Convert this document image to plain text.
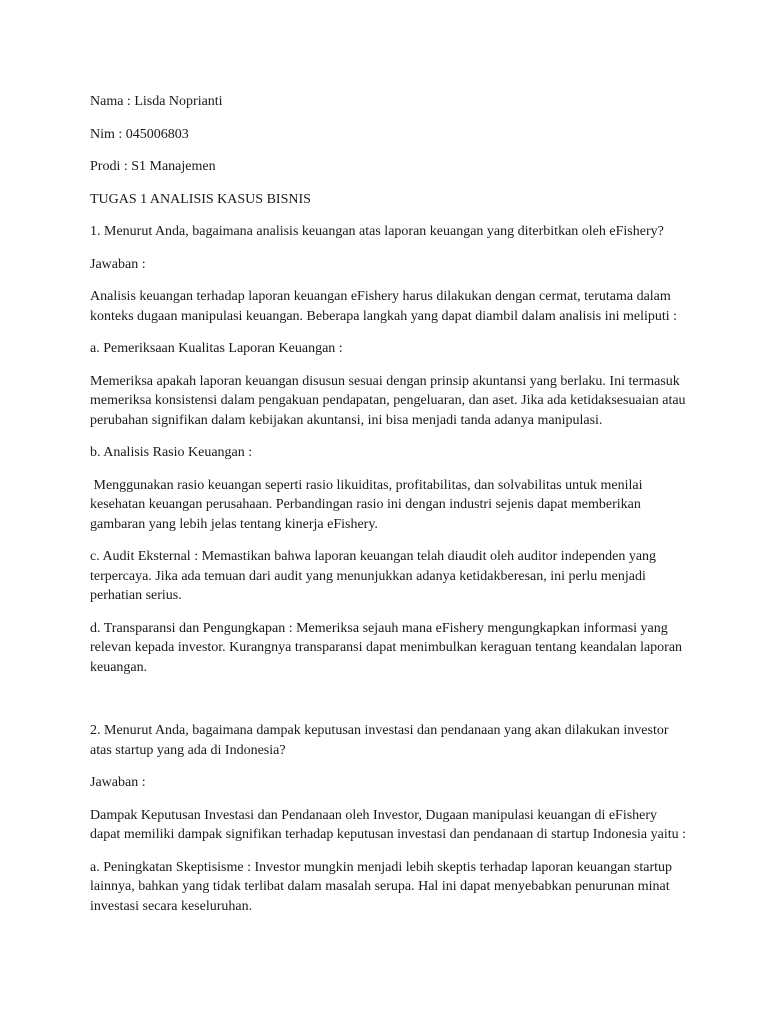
Nama : Lisda Noprianti

Nim : 045006803

Prodi : S1 Manajemen

TUGAS 1 ANALISIS KASUS BISNIS

1. Menurut Anda, bagaimana analisis keuangan atas laporan keuangan yang diterbitkan oleh eFishery?

Jawaban :

Analisis keuangan terhadap laporan keuangan eFishery harus dilakukan dengan cermat, terutama dalam konteks dugaan manipulasi keuangan. Beberapa langkah yang dapat diambil dalam analisis ini meliputi :

a. Pemeriksaan Kualitas Laporan Keuangan :

Memeriksa apakah laporan keuangan disusun sesuai dengan prinsip akuntansi yang berlaku. Ini termasuk memeriksa konsistensi dalam pengakuan pendapatan, pengeluaran, dan aset. Jika ada ketidaksesuaian atau perubahan signifikan dalam kebijakan akuntansi, ini bisa menjadi tanda adanya manipulasi.

b. Analisis Rasio Keuangan :

Menggunakan rasio keuangan seperti rasio likuiditas, profitabilitas, dan solvabilitas untuk menilai kesehatan keuangan perusahaan. Perbandingan rasio ini dengan industri sejenis dapat memberikan gambaran yang lebih jelas tentang kinerja eFishery.

c. Audit Eksternal : Memastikan bahwa laporan keuangan telah diaudit oleh auditor independen yang terpercaya. Jika ada temuan dari audit yang menunjukkan adanya ketidakberesan, ini perlu menjadi perhatian serius.

d. Transparansi dan Pengungkapan : Memeriksa sejauh mana eFishery mengungkapkan informasi yang relevan kepada investor. Kurangnya transparansi dapat menimbulkan keraguan tentang keandalan laporan keuangan.

2. Menurut Anda, bagaimana dampak keputusan investasi dan pendanaan yang akan dilakukan investor atas startup yang ada di Indonesia?

Jawaban :

Dampak Keputusan Investasi dan Pendanaan oleh Investor, Dugaan manipulasi keuangan di eFishery dapat memiliki dampak signifikan terhadap keputusan investasi dan pendanaan di startup Indonesia yaitu :

a. Peningkatan Skeptisisme : Investor mungkin menjadi lebih skeptis terhadap laporan keuangan startup lainnya, bahkan yang tidak terlibat dalam masalah serupa. Hal ini dapat menyebabkan penurunan minat investasi secara keseluruhan.
